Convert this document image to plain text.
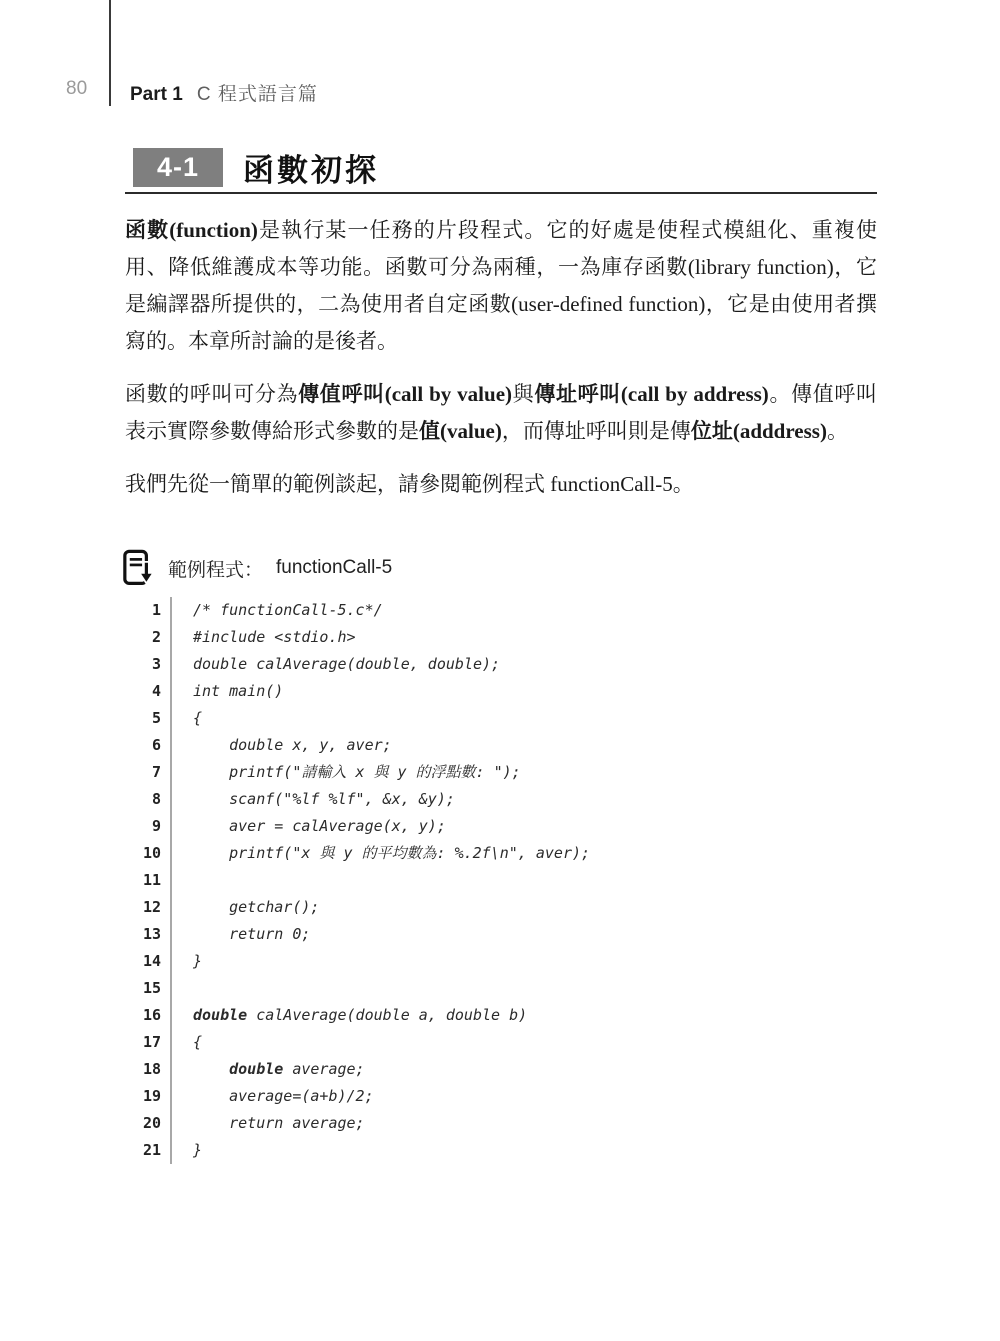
80 Part 1 C 程式語言篇
4-1	函數初探

函數(function)是執行某一任務的片段程式。它的好處是使程式模組化、重複使用、降低維護成本等功能。函數可分為兩種，一為庫存函數(library function)，它是編譯器所提供的，二為使用者自定函數(user-defined function)，它是由使用者撰寫的。本章所討論的是後者。

函數的呼叫可分為傳值呼叫(call by value)與傳址呼叫(call by address)。傳值呼叫表示實際參數傳給形式參數的是值(value)，而傳址呼叫則是傳位址(adddress)。

我們先從一簡單的範例談起，請參閱範例程式 functionCall-5。

範例程式： functionCall-5
1	/* functionCall-5.c*/
2	#include <stdio.h>
3	double calAverage(double, double);
4	int main()
5	{
6	double x, y, aver;
7	printf("請輸入 x 與 y 的浮點數: ");
8	scanf("%lf %lf", &x, &y);
9	aver = calAverage(x, y);
10	printf("x 與 y 的平均數為: %.2f\n", aver);
11
12	getchar();
13	return 0;
14	}
15
16	double calAverage(double a, double b)
17	{
18	double average;
19	average=(a+b)/2;
20	return average;
21	}
